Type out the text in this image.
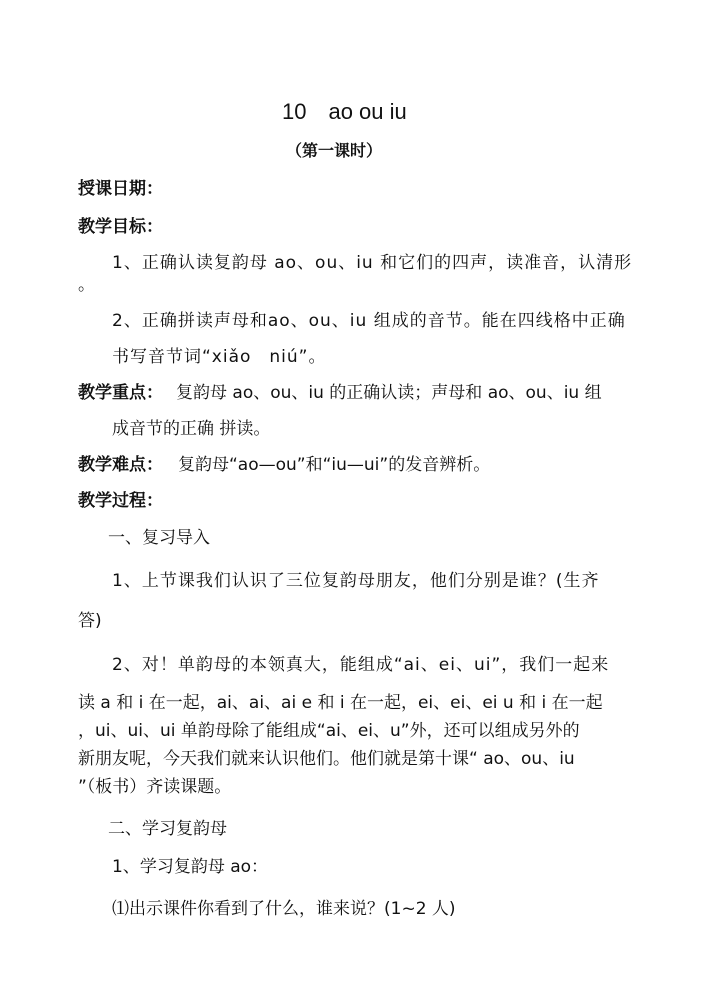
10　ao ou iu
（第一课时）
授课日期：
教学目标：
1、正确认读复韵母 ao、ou、iu 和它们的四声，读准音，认清形
。
2、正确拼读声母和ao、ou、iu 组成的音节。能在四线格中正确
书写音节词“xiǎo　niú”。
教学重点： 复韵母 ao、ou、iu 的正确认读；声母和 ao、ou、iu 组
成音节的正确 拼读。
教学难点： 复韵母“ao—ou”和“iu—ui”的发音辨析。
教学过程：
一、复习导入
1、上节课我们认识了三位复韵母朋友，他们分别是谁？(生齐
答)
2、对！单韵母的本领真大，能组成“ai、ei、ui”，我们一起来
读 a 和 i 在一起，ai、ai、ai e 和 i 在一起，ei、ei、ei u 和 i 在一起
，ui、ui、ui 单韵母除了能组成“ai、ei、u”外，还可以组成另外的
新朋友呢，今天我们就来认识他们。他们就是第十课“ ao、ou、iu
”（板书）齐读课题。
二、学习复韵母
1、学习复韵母 ao：
⑴出示课件你看到了什么，谁来说？(1~2 人)
